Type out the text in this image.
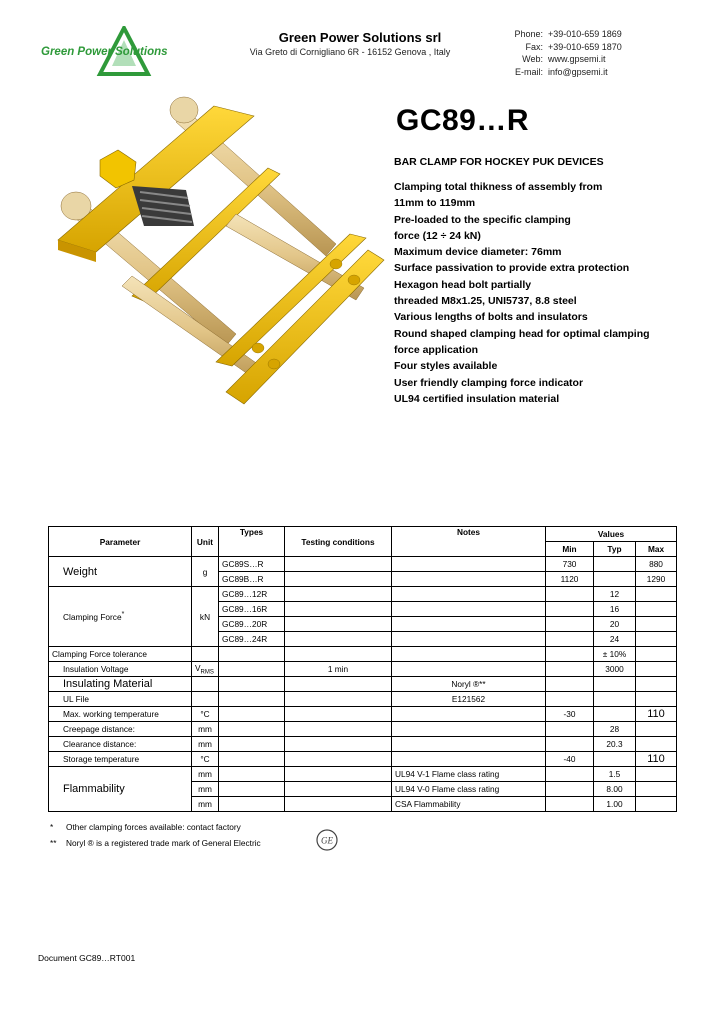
Green Power Solutions
Green Power Solutions srl
Via Greto di Cornigliano 6R - 16152 Genova , Italy
Phone: +39-010-659 1869
Fax: +39-010-659 1870
Web: www.gpsemi.it
E-mail: info@gpsemi.it
GC89…R
BAR CLAMP FOR HOCKEY PUK DEVICES
Clamping total thikness of assembly from
11mm to 119mm
Pre-loaded to the specific clamping
force (12 ÷ 24 kN)
Maximum device diameter: 76mm
Surface passivation to provide extra protection
Hexagon head bolt partially
threaded M8x1.25, UNI5737, 8.8 steel
Various lengths of bolts and insulators
Round shaped clamping head for optimal clamping
force application
Four styles available
User friendly clamping force indicator
UL94 certified insulation material
Parameter	Unit	Types	Testing conditions	Notes	Values		
					Min	Typ	Max
Weight	g	GC89S…R			730		880
		GC89B…R			1120		1290
Clamping Force*	kN	GC89…12R				12	
		GC89…16R				16	
		GC89…20R				20	
		GC89…24R				24	
Clamping Force tolerance						± 10%	
Insulation Voltage	$V_{RMS}$		1 min			3000	
Insulating Material				Noryl ®**			
UL File				E121562			
Max. working temperature	°C				-30		110
Creepage distance:	mm					28	
Clearance distance:	mm					20.3	
Storage temperature	°C				-40		110
Flammability	mm			UL94 V-1 Flame class rating		1.5	
	mm			UL94 V-0 Flame class rating		8.00	
	mm			CSA Flammability		1.00	
* Other clamping forces available: contact factory
** Noryl ® is a registered trade mark of General Electric	GE
Document GC89…RT001
